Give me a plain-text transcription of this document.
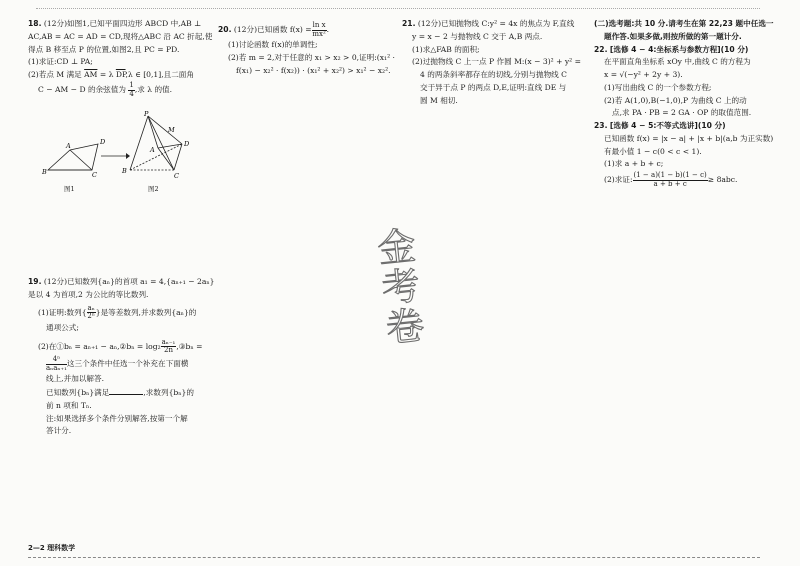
18. (12分)如图1,已知平面四边形 ABCD 中,AB ⊥

AC,AB = AC = AD = CD,现将△ABC 沿 AC 折起,使

得点 B 移至点 P 的位置,如图2,且 PC = PD.

(1)求证:CD ⊥ PA;

(2)若点 M 满足 $\overline{AM} = \lambda$ $\overline{DP},\lambda$ ∈ [0,1],且二面角

C − AM − D 的余弦值为 $\frac{1}{4}$ ,求 λ 的值.

A
B
D
C
P
M
A
D
B
C
图1	图2

19. (12分)已知数列{aₙ}的首项 a₁ = 4,{aₙ₊₁ − 2aₙ}

是以 4 为首项,2 为公比的等比数列.

(1)证明:数列{ $\frac{\text{aₙ}}{\text{2ⁿ}}$ }是等差数列,并求数列{aₙ}的

通项公式;

(2)在①bₙ = aₙ₊₁ − aₙ,②bₙ = $\log_2 \frac{\text{aₙ₋₁}}{2n}$ ,③bₙ =

$\frac{\text{4ⁿ}}{\text{aₙaₙ₊₁}}$ 这三个条件中任选一个补充在下面横

线上,并加以解答.

已知数列{bₙ}满足	,求数列{bₙ}的

前 n 项和 Tₙ.

注:如果选择多个条件分别解答,按第一个解

答计分.

20. (12分)已知函数 $f(x) = \frac{\text{ln x}}{\text{mx²}}$ .

(1)讨论函数 f(x)的单调性;

(2)若 m = 2,对于任意的 x₁ > x₂ > 0,证明:(x₁² ·

f(x₁) − x₂² · f(x₂)) · (x₁² + x₂²) > x₁² − x₂².

21. (12分)已知抛物线 C:y² = 4x 的焦点为 F,直线

y = x − 2 与抛物线 C 交于 A,B 两点.

(1)求△FAB 的面积;

(2)过抛物线 C 上一点 P 作圆 M:(x − 3)² + y² =

4 的两条斜率都存在的切线,分别与抛物线 C

交于异于点 P 的两点 D,E,证明:直线 DE 与

圆 M 相切.

(二)选考题:共 10 分.请考生在第 22,23 题中任选一

题作答.如果多做,则按所做的第一题计分.

22. [选修 4 − 4:坐标系与参数方程](10 分)

在平面直角坐标系 xOy 中,曲线 C 的方程为

x = √(−y² + 2y + 3).

(1)写出曲线 C 的一个参数方程;

(2)若 A(1,0),B(−1,0),P 为曲线 C 上的动

点,求 PA · PB = 2 GA · OP 的取值范围.

23. [选修 4 − 5:不等式选讲](10 分)

已知函数 f(x) = |x − a| + |x + b|(a,b 为正实数)

有最小值 1 − c(0 < c < 1).

(1)求 a + b + c;

(2)求证: $\frac{(1 - a)(1 - b)(1 - c)}{a + b + c} \ge 8abc$.

金
考
卷
2—2 理科数学
